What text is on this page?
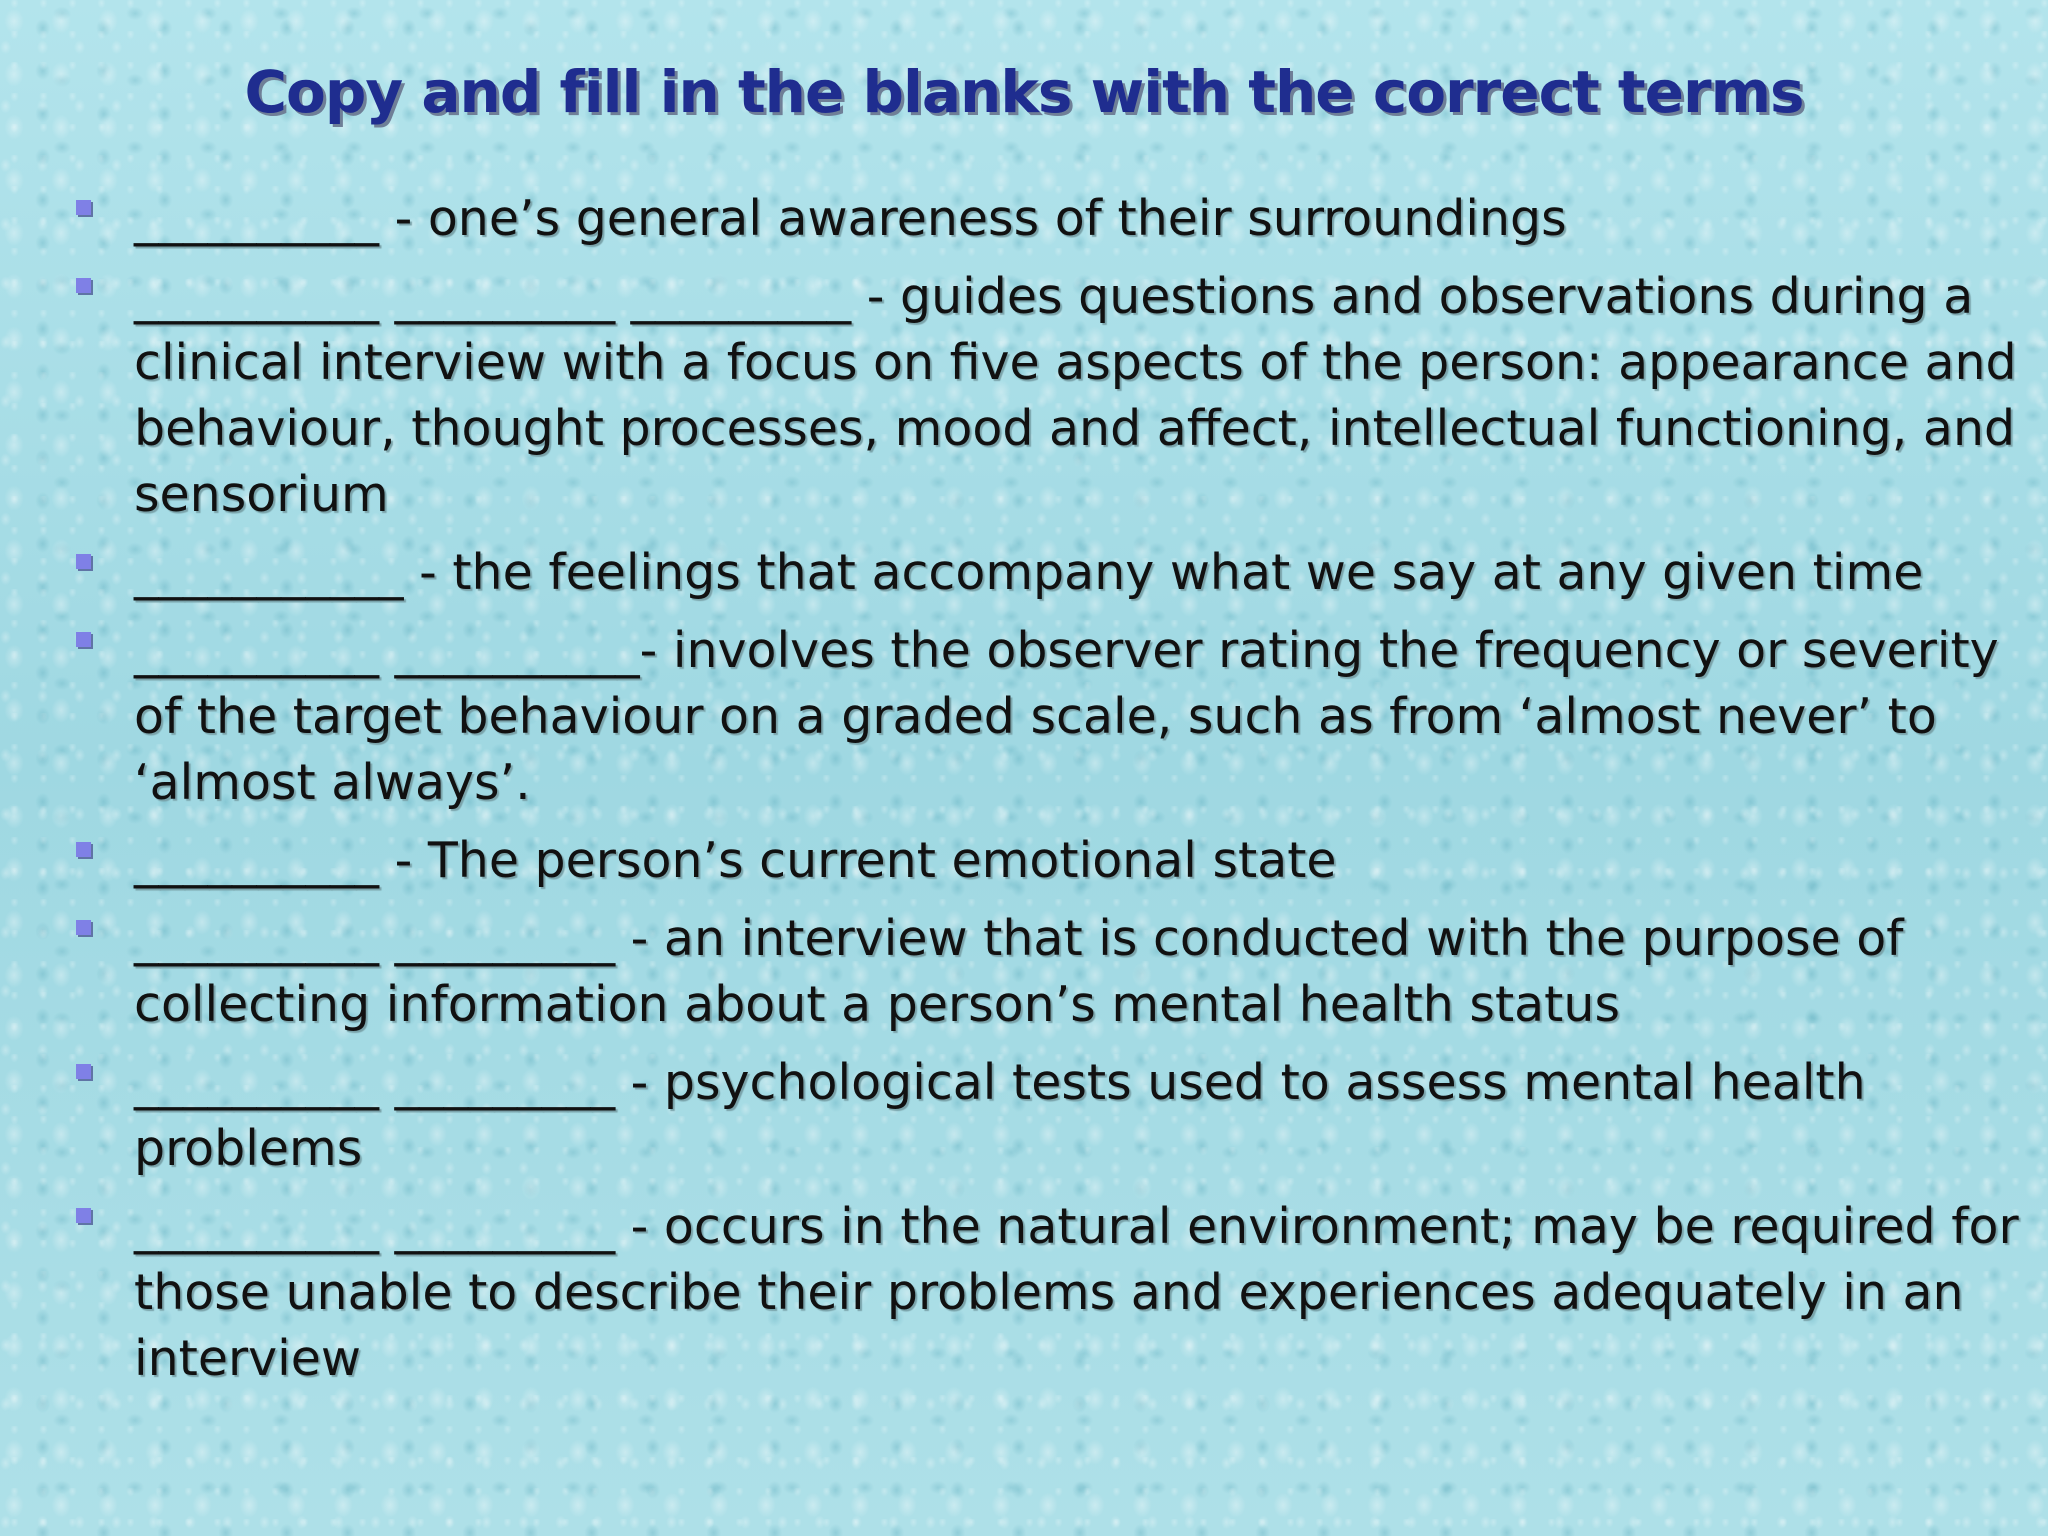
Copy and fill in the blanks with the correct terms
__________ - one’s general awareness of their surroundings
__________ _________ _________ - guides questions and observations during a clinical interview with a focus on five aspects of the person: appearance and behaviour, thought processes, mood and affect, intellectual functioning, and sensorium
___________ - the feelings that accompany what we say at any given time
__________ __________- involves the observer rating the frequency or severity of the target behaviour on a graded scale, such as from ‘almost never’ to ‘almost always’.
__________ - The person’s current emotional state
__________ _________ - an interview that is conducted with the purpose of collecting information about a person’s mental health status
__________ _________ - psychological tests used to assess mental health problems
__________ _________ - occurs in the natural environment; may be required for those unable to describe their problems and experiences adequately in an interview
